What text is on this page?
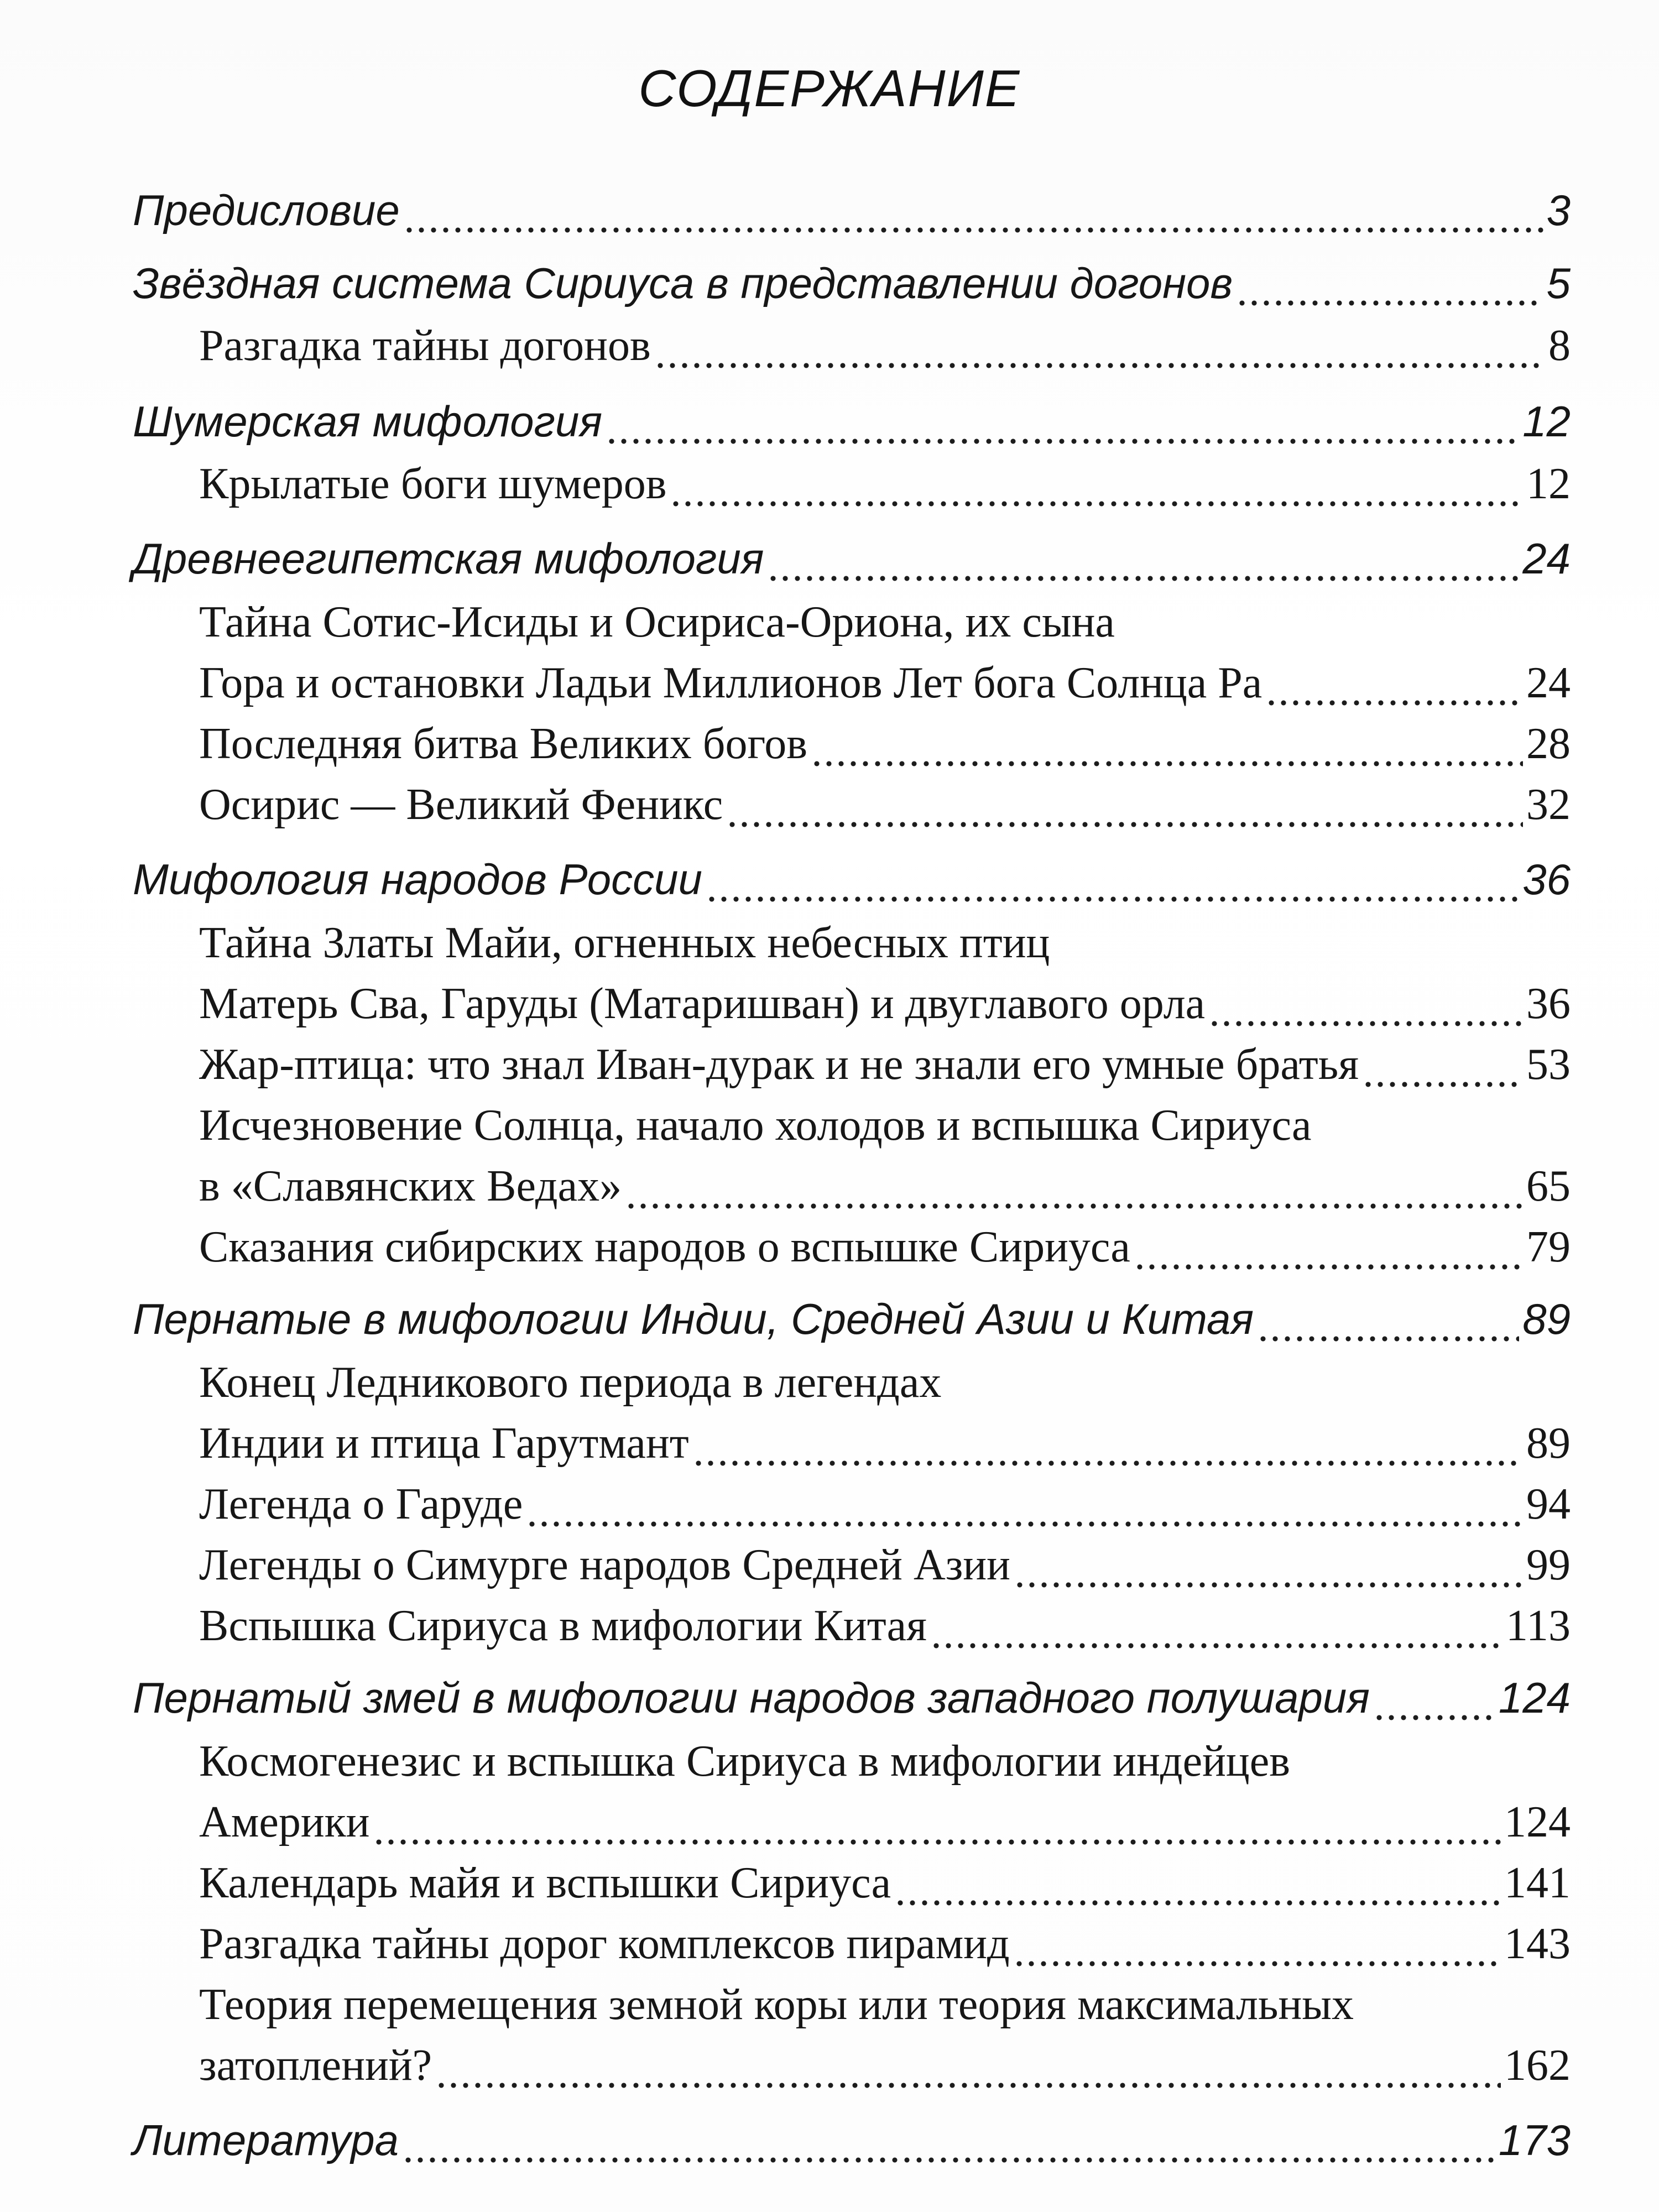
СОДЕРЖАНИЕ
Предисловие	3
Звёздная система Сириуса в представлении догонов	5
Разгадка тайны догонов	8
Шумерская мифология	12
Крылатые боги шумеров	12
Древнеегипетская мифология	24
Тайна Сотис-Исиды и Осириса-Ориона, их сына
Гора и остановки Ладьи Миллионов Лет бога Солнца Ра	24
Последняя битва Великих богов	28
Осирис — Великий Феникс	32
Мифология народов России	36
Тайна Златы Майи, огненных небесных птиц
Матерь Сва, Гаруды (Матаришван) и двуглавого орла	36
Жар-птица: что знал Иван-дурак и не знали его умные братья	53
Исчезновение Солнца, начало холодов и вспышка Сириуса
в «Славянских Ведах»	65
Сказания сибирских народов о вспышке Сириуса	79
Пернатые в мифологии Индии, Средней Азии и Китая	89
Конец Ледникового периода в легендах
Индии и птица Гарутмант	89
Легенда о Гаруде	94
Легенды о Симурге народов Средней Азии	99
Вспышка Сириуса в мифологии Китая	113
Пернатый змей в мифологии народов западного полушария	124
Космогенезис и вспышка Сириуса в мифологии индейцев
Америки	124
Календарь майя и вспышки Сириуса	141
Разгадка тайны дорог комплексов пирамид	143
Теория перемещения земной коры или теория максимальных
затоплений?	162
Литература	173
